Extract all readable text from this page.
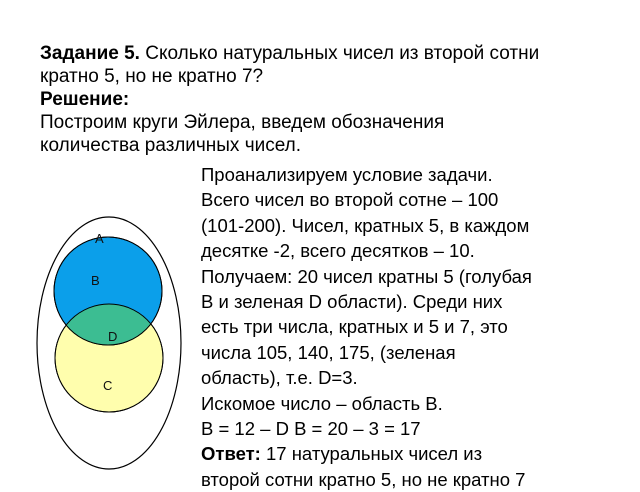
Задание 5. Сколько натуральных чисел из второй сотни
кратно 5, но не кратно 7?
Решение:
Построим круги Эйлера, введем обозначения
количества различных чисел.
Проанализируем условие задачи.
Всего чисел во второй сотне – 100
(101-200). Чисел, кратных 5, в каждом
десятке -2, всего десятков – 10.
Получаем: 20 чисел кратны 5 (голубая
В и зеленая D области). Среди них
есть три числа, кратных и 5 и 7, это
числа 105, 140, 175, (зеленая
область), т.е. D=3.
Искомое число – область В.
В = 12 – D В = 20 – 3 = 17
Ответ: 17 натуральных чисел из
второй сотни кратно 5, но не кратно 7
A
B
D
C
